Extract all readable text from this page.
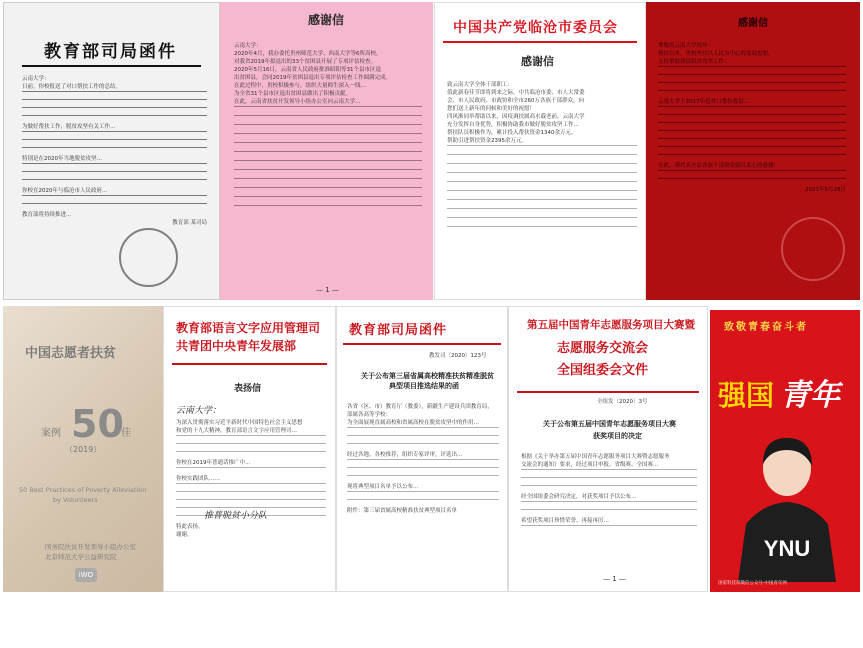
教育部司局函件
云南大学：
日前，你校报送了对口帮扶工作的总结。
为做好帮扶工作，脱贫攻坚有关工作…
特别是在2020年当地脱贫攻坚…
你校在2020年与临沧市人民政府…
教育部将持续推进…
教育部 某司局
感谢信
云南大学：
2020年4月，我办委托贵州师范大学、西南大学等6所高校，
对我省2019年拟退出的33个贫困县开展了专项评估检查。
2020年5月16日，云南省人民政府批准昭阳等31个县市区退
出贫困县，会同2019年贫困县退出专项评估检查工作圆满完成。
在此过程中，贵校积极参与，组织大量师生深入一线…
为全省31个县市区退出贫困县做出了积极贡献。
在此，云南省扶贫开发领导小组办公室向云南大学…
— 1 —
中国共产党临沧市委员会
感谢信
致云南大学全体干部职工：
值此新春佳节即将到来之际，中共临沧市委、市人大常委
会、市人民政府、市政协和全市260万各族干部群众，向
您们送上新年的问候和美好的祝愿！
四风渐同举帮助以来，因疫调扶属高水载老前，云南大学
充分发挥自身优势，积极协助我市做好脱贫攻坚工作…
帮扶队员积极作为，累计投入帮扶资金1340余万元，
帮助引进帮扶资金2395余万元。
感谢信
尊敬的云南大学领导：
帮扶以来，贵校坚持以人民为中心的发展思想，
支持帮助我县脱贫攻坚工作…
云南大学于2017年起对口帮扶我县…
在此，谨代表全县各族干部群众致以衷心的感谢！
2021年5月28日
中国志愿者扶贫
案例 50
佳
（2019）
50 Best Practices of Poverty Alleviation
by Volunteers
国务院扶贫开发领导小组办公室
北京师范大学公益研究院
iWO
教育部语言文字应用管理司
共青团中央青年发展部
表扬信
云南大学：
为深入贯彻落实习近平新时代中国特色社会主义思想
和党的十九大精神，教育部语言文字应用管理司…
你校在2019年普通话推广中…
你校实践团队……
特此表扬。
谢谢。
推普脱贫小分队
教育部司局函件
教发司〔2020〕123号
关于公布第三届省属高校精准扶贫精准脱贫
典型项目推选结果的函
各省（区、市）教育厅（教委），新疆生产建设兵团教育局，
部属各高等学校：
为全面展现直属高校和省属高校在脱贫攻坚中的作用…
经过各地、各校推荐，组织专家评审，评选出…
现将典型项目名单予以公布…
附件：第三届省属高校精准扶贫典型项目名单
第五届中国青年志愿服务项目大赛暨
志愿服务交流会
全国组委会文件
全组发〔2020〕3号
关于公布第五届中国青年志愿服务项目大赛
获奖项目的决定
根据《关于举办第五届中国青年志愿服务项目大赛暨志愿服务
交流会的通知》要求，经过项目申报、省级赛、全国赛…
经全国组委会研究决定，对获奖项目予以公布…
希望获奖项目珍惜荣誉、再接再厉…
— 1 —
致敬青春奋斗者
强国 青年
YNU
国家科技部微信公众号·中国青年网
